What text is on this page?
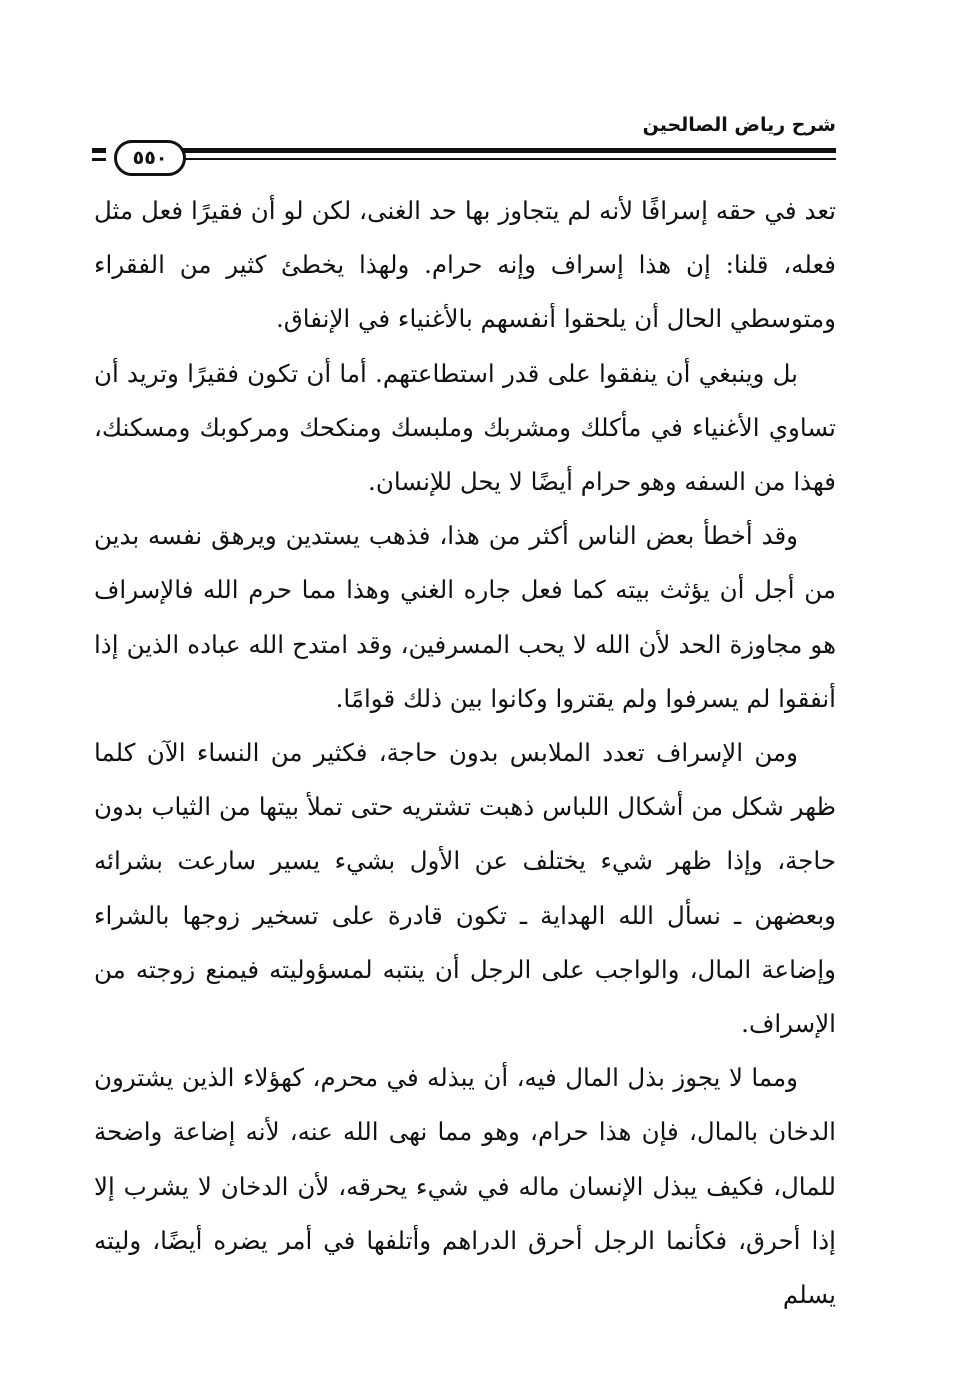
شرح رياض الصالحين
٥٥٠

تعد في حقه إسرافًا لأنه لم يتجاوز بها حد الغنى، لكن لو أن فقيرًا فعل مثل فعله، قلنا: إن هذا إسراف وإنه حرام. ولهذا يخطئ كثير من الفقراء ومتوسطي الحال أن يلحقوا أنفسهم بالأغنياء في الإنفاق.

بل وينبغي أن ينفقوا على قدر استطاعتهم. أما أن تكون فقيرًا وتريد أن تساوي الأغنياء في مأكلك ومشربك وملبسك ومنكحك ومركوبك ومسكنك، فهذا من السفه وهو حرام أيضًا لا يحل للإنسان.

وقد أخطأ بعض الناس أكثر من هذا، فذهب يستدين ويرهق نفسه بدين من أجل أن يؤثث بيته كما فعل جاره الغني وهذا مما حرم الله فالإسراف هو مجاوزة الحد لأن الله لا يحب المسرفين، وقد امتدح الله عباده الذين إذا أنفقوا لم يسرفوا ولم يقتروا وكانوا بين ذلك قوامًا.

ومن الإسراف تعدد الملابس بدون حاجة، فكثير من النساء الآن كلما ظهر شكل من أشكال اللباس ذهبت تشتريه حتى تملأ بيتها من الثياب بدون حاجة، وإذا ظهر شيء يختلف عن الأول بشيء يسير سارعت بشرائه وبعضهن ـ نسأل الله الهداية ـ تكون قادرة على تسخير زوجها بالشراء وإضاعة المال، والواجب على الرجل أن ينتبه لمسؤوليته فيمنع زوجته من الإسراف.

ومما لا يجوز بذل المال فيه، أن يبذله في محرم، كهؤلاء الذين يشترون الدخان بالمال، فإن هذا حرام، وهو مما نهى الله عنه، لأنه إضاعة واضحة للمال، فكيف يبذل الإنسان ماله في شيء يحرقه، لأن الدخان لا يشرب إلا إذا أحرق، فكأنما الرجل أحرق الدراهم وأتلفها في أمر يضره أيضًا، وليته يسلم
